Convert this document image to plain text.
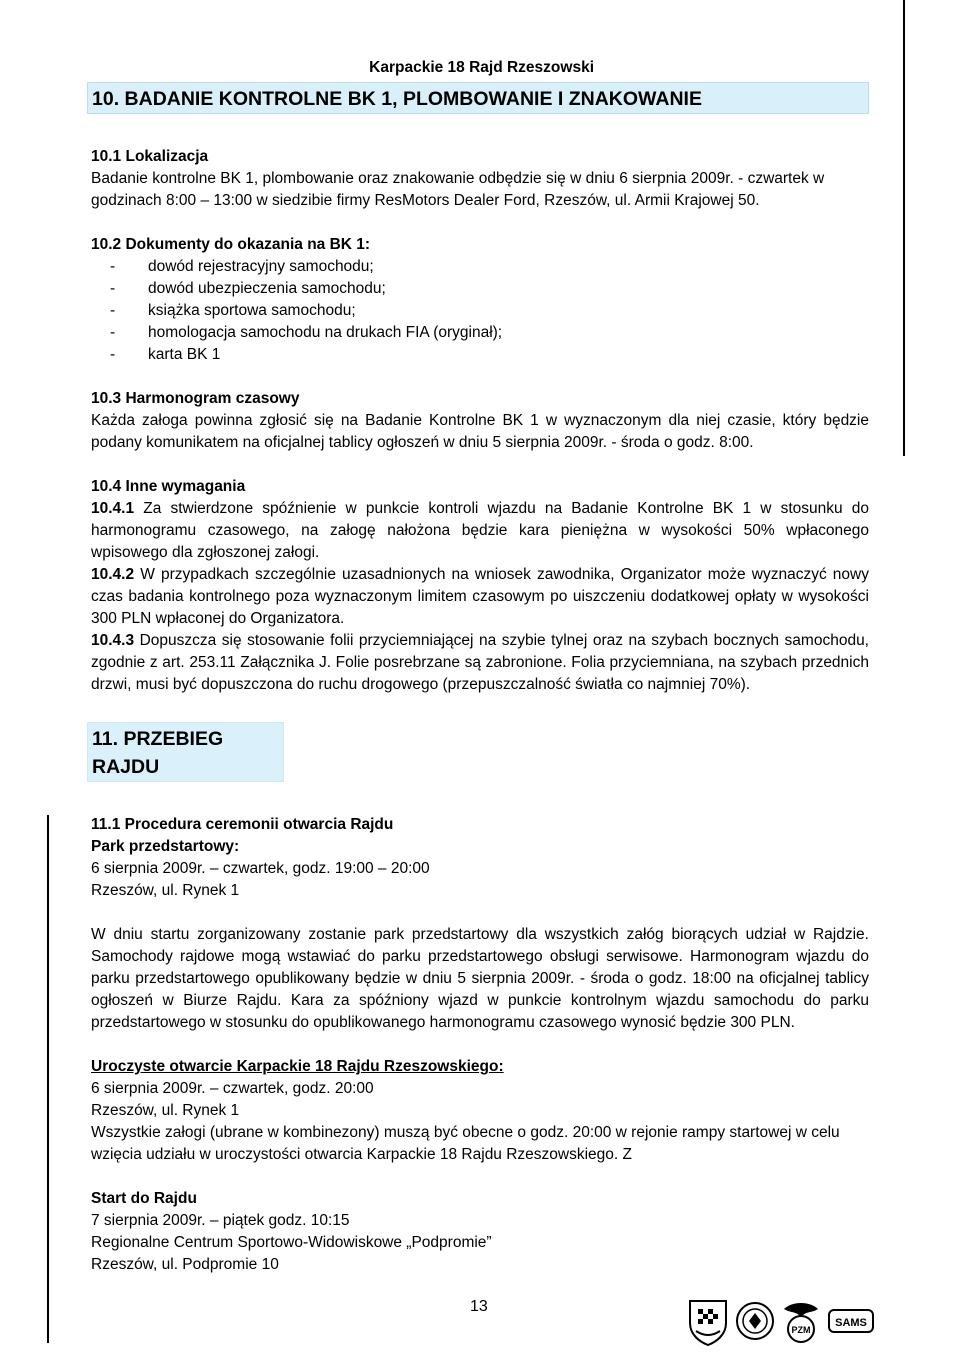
Karpackie 18 Rajd Rzeszowski
10. BADANIE KONTROLNE BK 1, PLOMBOWANIE I ZNAKOWANIE
10.1 Lokalizacja
Badanie kontrolne BK 1, plombowanie oraz znakowanie odbędzie się w dniu 6 sierpnia 2009r. - czwartek w godzinach 8:00 – 13:00 w siedzibie firmy ResMotors Dealer Ford, Rzeszów, ul. Armii Krajowej 50.
10.2 Dokumenty do okazania na BK 1:
-	dowód rejestracyjny samochodu;
-	dowód ubezpieczenia samochodu;
-	książka sportowa samochodu;
-	homologacja samochodu na drukach FIA (oryginał);
-	karta BK 1
10.3 Harmonogram czasowy
Każda załoga powinna zgłosić się na Badanie Kontrolne BK 1 w wyznaczonym dla niej czasie, który będzie podany komunikatem na oficjalnej tablicy ogłoszeń w dniu 5 sierpnia 2009r. - środa o godz. 8:00.
10.4 Inne wymagania
10.4.1 Za stwierdzone spóźnienie w punkcie kontroli wjazdu na Badanie Kontrolne BK 1 w stosunku do harmonogramu czasowego, na załogę nałożona będzie kara pieniężna w wysokości 50% wpłaconego wpisowego dla zgłoszonej załogi.
10.4.2 W przypadkach szczególnie uzasadnionych na wniosek zawodnika, Organizator może wyznaczyć nowy czas badania kontrolnego poza wyznaczonym limitem czasowym po uiszczeniu dodatkowej opłaty w wysokości 300 PLN wpłaconej do Organizatora.
10.4.3 Dopuszcza się stosowanie folii przyciemniającej na szybie tylnej oraz na szybach bocznych samochodu, zgodnie z art. 253.11 Załącznika J. Folie posrebrzane są zabronione. Folia przyciemniana, na szybach przednich drzwi, musi być dopuszczona do ruchu drogowego (przepuszczalność światła co najmniej 70%).
11. PRZEBIEG RAJDU
11.1 Procedura ceremonii otwarcia Rajdu
Park przedstartowy:
6 sierpnia 2009r. – czwartek, godz. 19:00 – 20:00
Rzeszów, ul. Rynek 1
W dniu startu zorganizowany zostanie park przedstartowy dla wszystkich załóg biorących udział w Rajdzie. Samochody rajdowe mogą wstawiać do parku przedstartowego obsługi serwisowe. Harmonogram wjazdu do parku przedstartowego opublikowany będzie w dniu 5 sierpnia 2009r. - środa o godz. 18:00 na oficjalnej tablicy ogłoszeń w Biurze Rajdu. Kara za spóźniony wjazd w punkcie kontrolnym wjazdu samochodu do parku przedstartowego w stosunku do opublikowanego harmonogramu czasowego wynosić będzie 300 PLN.
Uroczyste otwarcie Karpackie 18 Rajdu Rzeszowskiego:
6 sierpnia 2009r. – czwartek, godz. 20:00
Rzeszów, ul. Rynek 1
Wszystkie załogi (ubrane w kombinezony) muszą być obecne o godz. 20:00 w rejonie rampy startowej w celu wzięcia udziału w uroczystości otwarcia Karpackie 18 Rajdu Rzeszowskiego. Z
Start do Rajdu
7 sierpnia 2009r. – piątek godz. 10:15
Regionalne Centrum Sportowo-Widowiskowe „Podpromie”
Rzeszów, ul. Podpromie 10
13
PZM
SAMS
